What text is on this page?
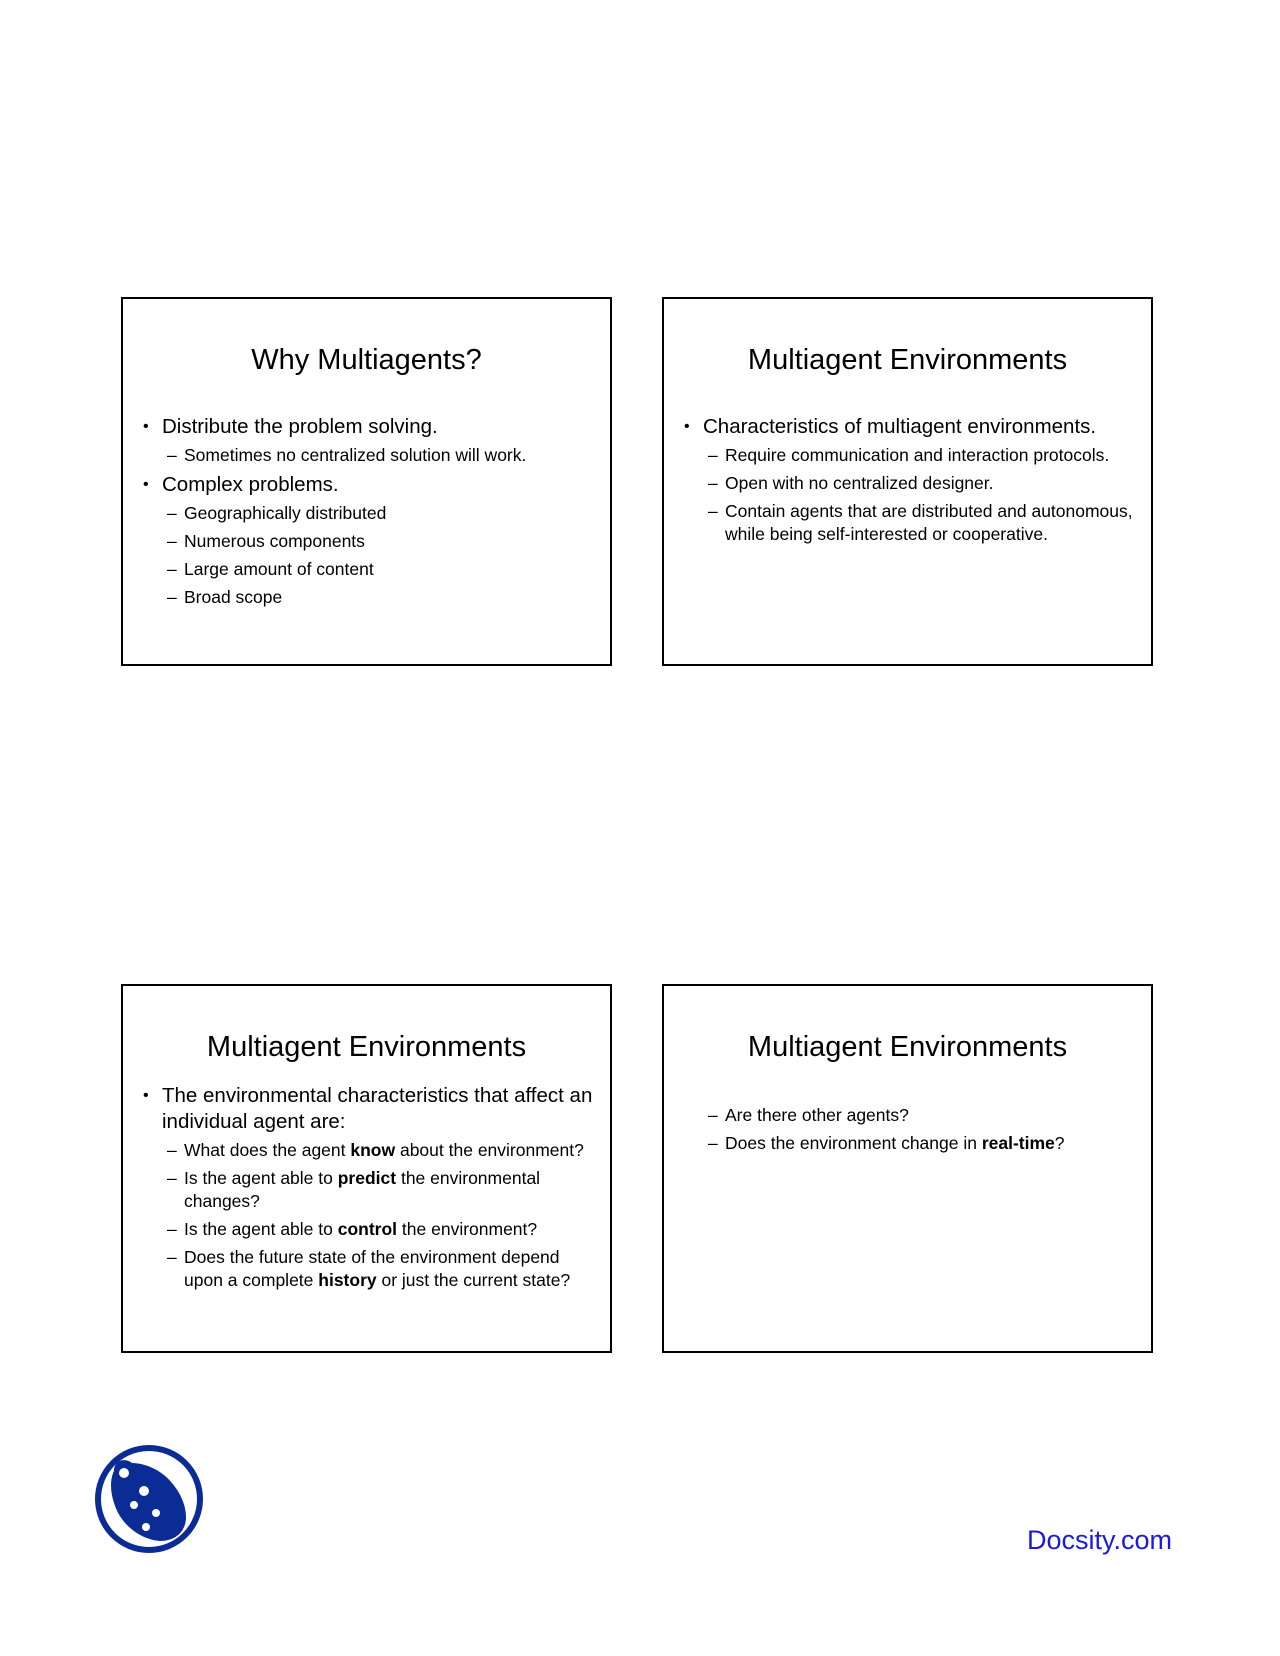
Why Multiagents?
• Distribute the problem solving.
– Sometimes no centralized solution will work.
• Complex problems.
– Geographically distributed
– Numerous components
– Large amount of content
– Broad scope
Multiagent Environments
• Characteristics of multiagent environments.
– Require communication and interaction protocols.
– Open with no centralized designer.
– Contain agents that are distributed and autonomous, while being self-interested or cooperative.
Multiagent Environments
• The environmental characteristics that affect an individual agent are:
– What does the agent know about the environment?
– Is the agent able to predict the environmental changes?
– Is the agent able to control the environment?
– Does the future state of the environment depend upon a complete history or just the current state?
Multiagent Environments
– Are there other agents?
– Does the environment change in real-time?
Docsity.com
